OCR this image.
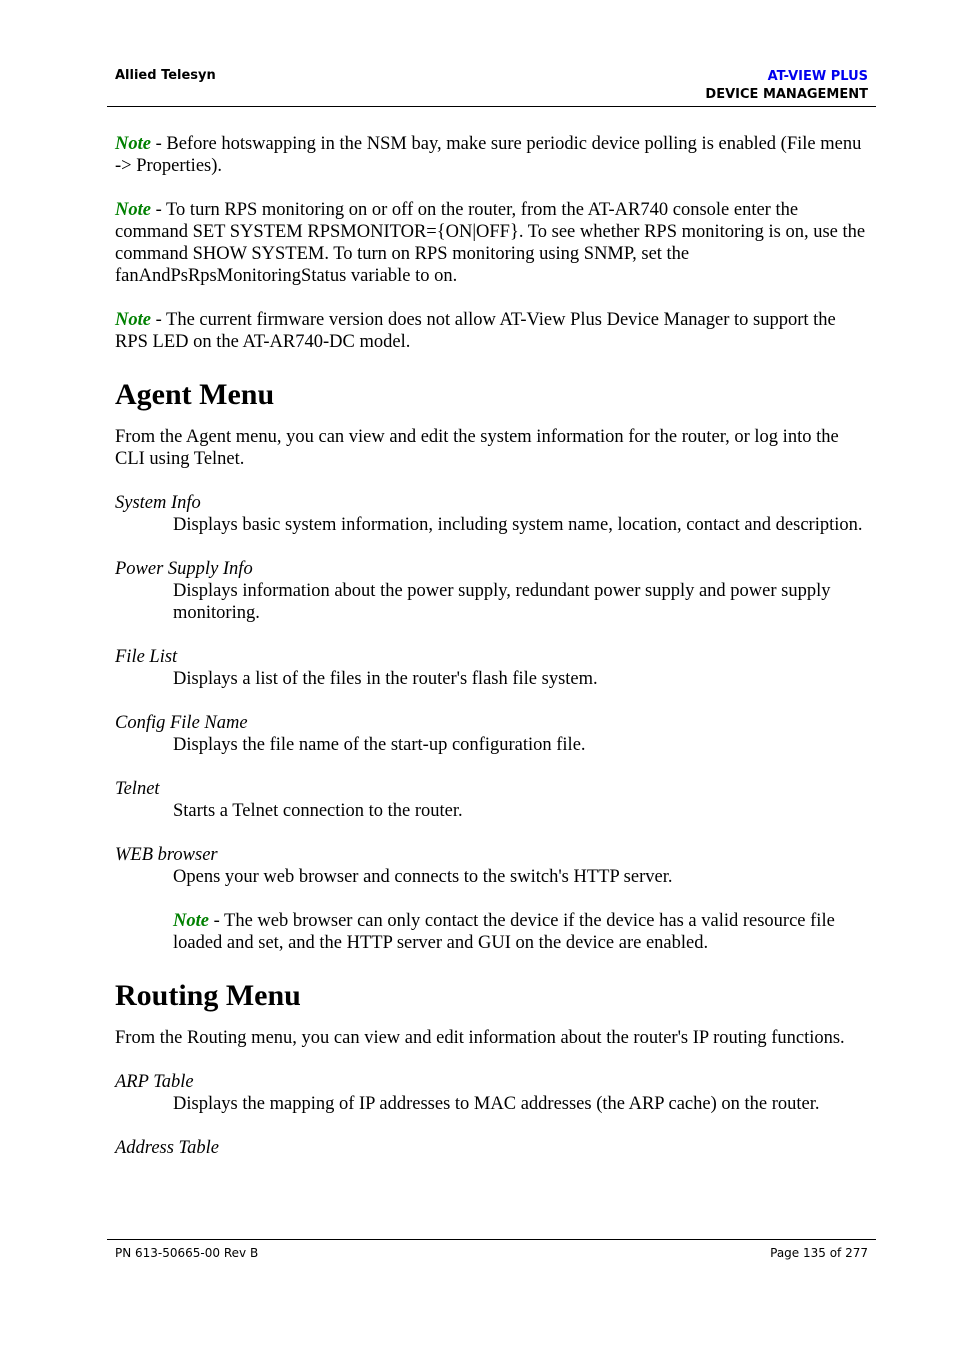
Allied Telesyn	AT-VIEW PLUS
DEVICE MANAGEMENT

Note - Before hotswapping in the NSM bay, make sure periodic device polling is enabled (File menu -> Properties).

Note - To turn RPS monitoring on or off on the router, from the AT-AR740 console enter the command SET SYSTEM RPSMONITOR={ON|OFF}. To see whether RPS monitoring is on, use the command SHOW SYSTEM. To turn on RPS monitoring using SNMP, set the fanAndPsRpsMonitoringStatus variable to on.

Note - The current firmware version does not allow AT-View Plus Device Manager to support the RPS LED on the AT-AR740-DC model.

Agent Menu

From the Agent menu, you can view and edit the system information for the router, or log into the CLI using Telnet.

System Info
Displays basic system information, including system name, location, contact and description.
Power Supply Info
Displays information about the power supply, redundant power supply and power supply monitoring.
File List
Displays a list of the files in the router's flash file system.
Config File Name
Displays the file name of the start-up configuration file.
Telnet
Starts a Telnet connection to the router.
WEB browser
Opens your web browser and connects to the switch's HTTP server.
Note - The web browser can only contact the device if the device has a valid resource file loaded and set, and the HTTP server and GUI on the device are enabled.
Routing Menu

From the Routing menu, you can view and edit information about the router's IP routing functions.

ARP Table
Displays the mapping of IP addresses to MAC addresses (the ARP cache) on the router.
Address Table
PN 613-50665-00 Rev B	Page 135 of 277
